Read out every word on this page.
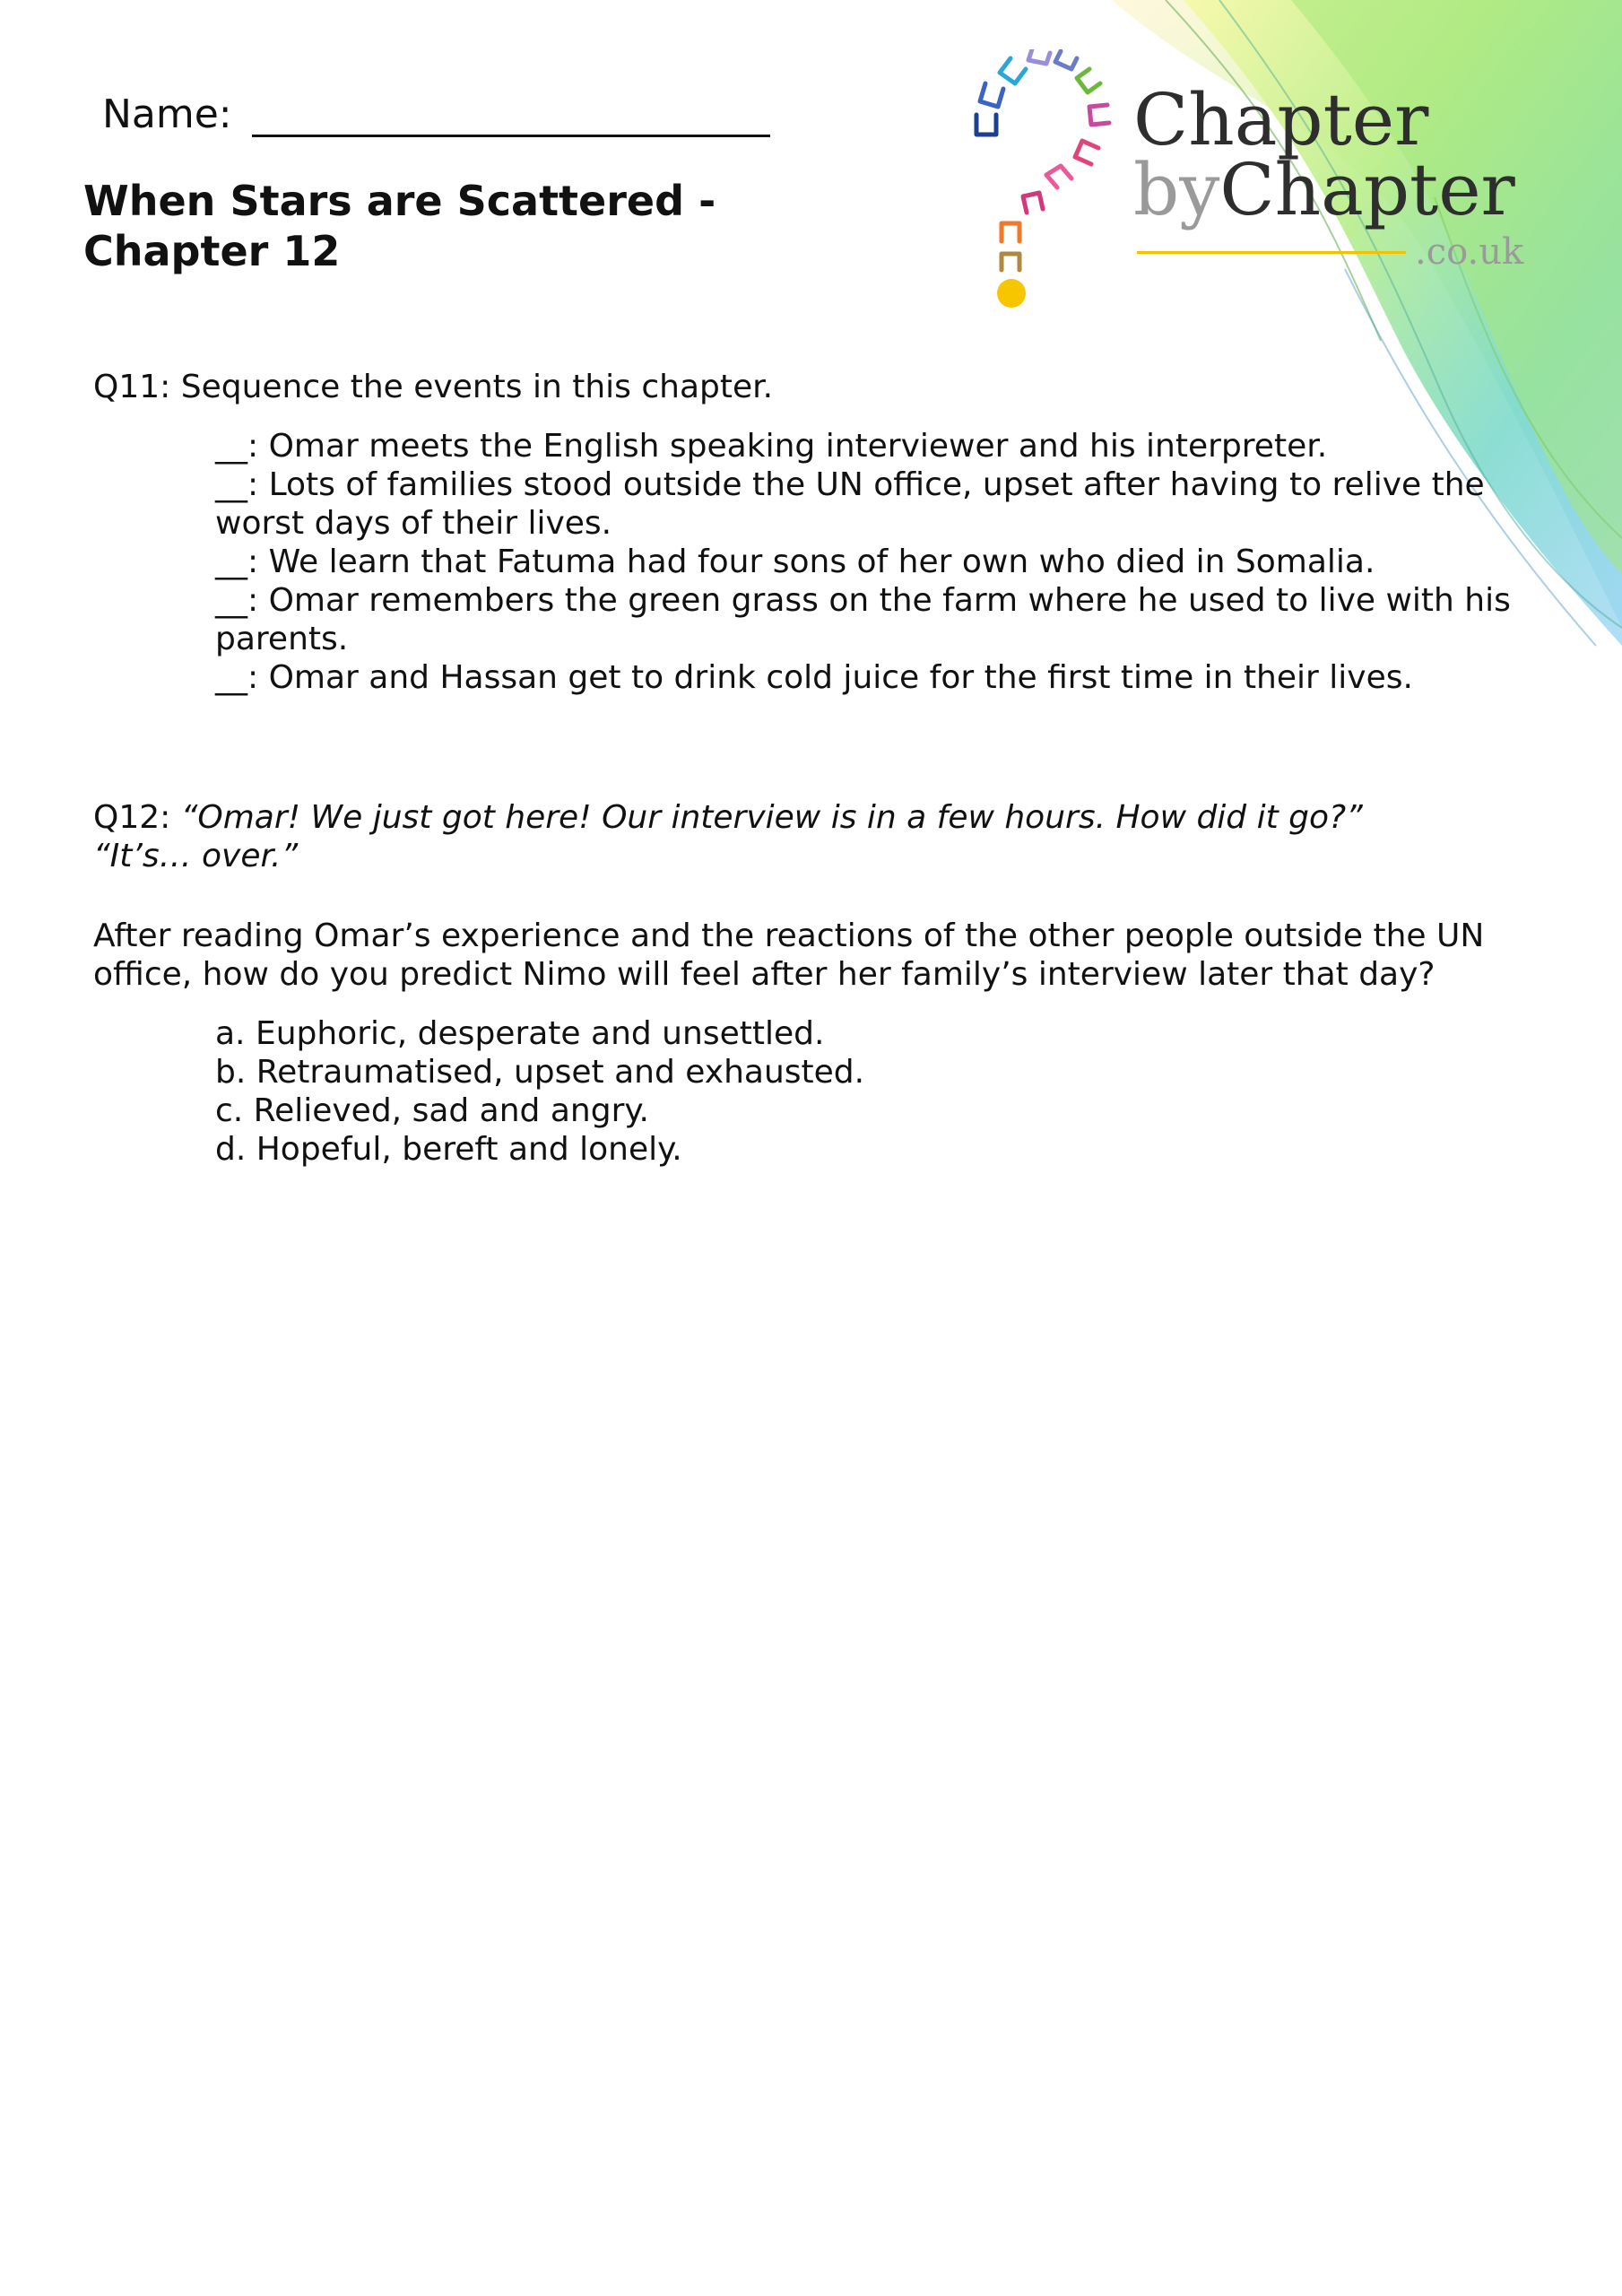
Name:
When Stars are Scattered - Chapter 12
Chapter
byChapter
.co.uk
Q11: Sequence the events in this chapter.

__: Omar meets the English speaking interviewer and his interpreter.

__: Lots of families stood outside the UN office, upset after having to relive the worst days of their lives.

__: We learn that Fatuma had four sons of her own who died in Somalia.

__: Omar remembers the green grass on the farm where he used to live with his parents.

__: Omar and Hassan get to drink cold juice for the first time in their lives.

Q12: “Omar! We just got here! Our interview is in a few hours. How did it go?”
“It’s… over.”
After reading Omar’s experience and the reactions of the other people outside the UN office, how do you predict Nimo will feel after her family’s interview later that day?

a. Euphoric, desperate and unsettled.

b. Retraumatised, upset and exhausted.

c. Relieved, sad and angry.

d. Hopeful, bereft and lonely.
